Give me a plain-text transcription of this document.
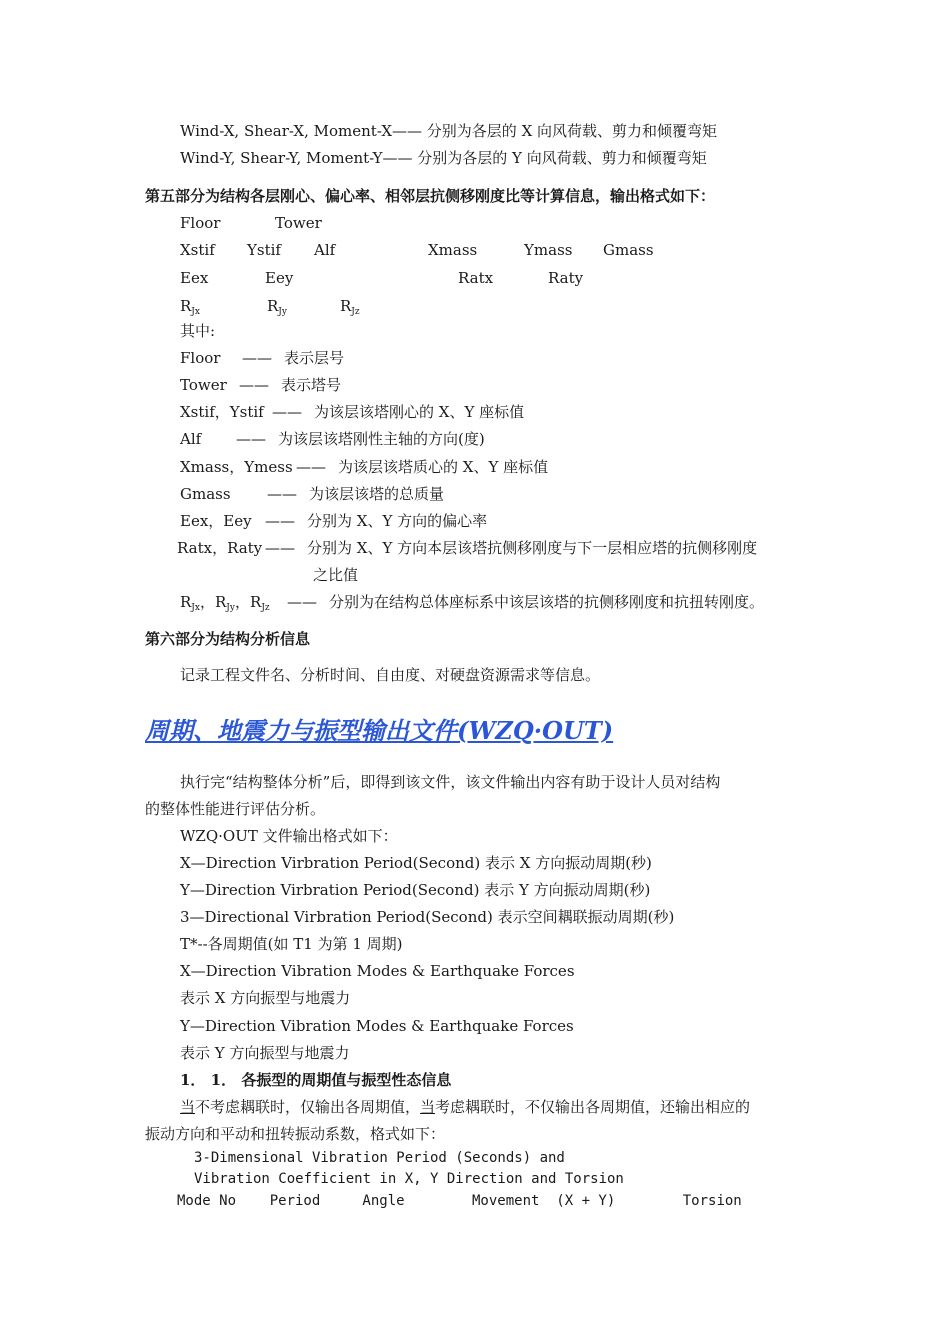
Wind-X, Shear-X, Moment-X—— 分别为各层的 X 向风荷载、剪力和倾覆弯矩
Wind-Y, Shear-Y, Moment-Y—— 分别为各层的 Y 向风荷载、剪力和倾覆弯矩
第五部分为结构各层刚心、偏心率、相邻层抗侧移刚度比等计算信息，输出格式如下：
Floor	Tower
Xstif Ystif Alf	Xmass	Ymass Gmass
Eex	Eey	Ratx	Raty
$R_{Jx}$	$R_{Jy}$	$R_{Jz}$
其中:
Floor —— 表示层号
Tower —— 表示塔号
Xstif，Ystif —— 为该层该塔刚心的 X、Y 座标值
Alf —— 为该层该塔刚性主轴的方向(度)
Xmass，Ymess —— 为该层该塔质心的 X、Y 座标值
Gmass —— 为该层该塔的总质量
Eex，Eey —— 分别为 X、Y 方向的偏心率
Ratx，Raty —— 分别为 X、Y 方向本层该塔抗侧移刚度与下一层相应塔的抗侧移刚度
之比值
$R_{Jx}$，$R_{Jy}$，$R_{Jz}$ —— 分别为在结构总体座标系中该层该塔的抗侧移刚度和抗扭转刚度。
第六部分为结构分析信息
记录工程文件名、分析时间、自由度、对硬盘资源需求等信息。
周期、地震力与振型输出文件(WZQ·OUT)
执行完“结构整体分析”后，即得到该文件，该文件输出内容有助于设计人员对结构
的整体性能进行评估分析。
WZQ·OUT 文件输出格式如下：
X—Direction Virbration Period(Second) 表示 X 方向振动周期(秒)
Y—Direction Virbration Period(Second) 表示 Y 方向振动周期(秒)
3—Directional Virbration Period(Second) 表示空间耦联振动周期(秒)
T*--各周期值(如 T1 为第 1 周期)
X—Direction Vibration Modes & Earthquake Forces
表示 X 方向振型与地震力
Y—Direction Vibration Modes & Earthquake Forces
表示 Y 方向振型与地震力
1． 1． 各振型的周期值与振型性态信息
当不考虑耦联时，仅输出各周期值，当考虑耦联时，不仅输出各周期值，还输出相应的
振动方向和平动和扭转振动系数，格式如下：
3-Dimensional Vibration Period (Seconds) and
Vibration Coefficient in X, Y Direction and Torsion
Mode No    Period     Angle        Movement  (X + Y)        Torsion
